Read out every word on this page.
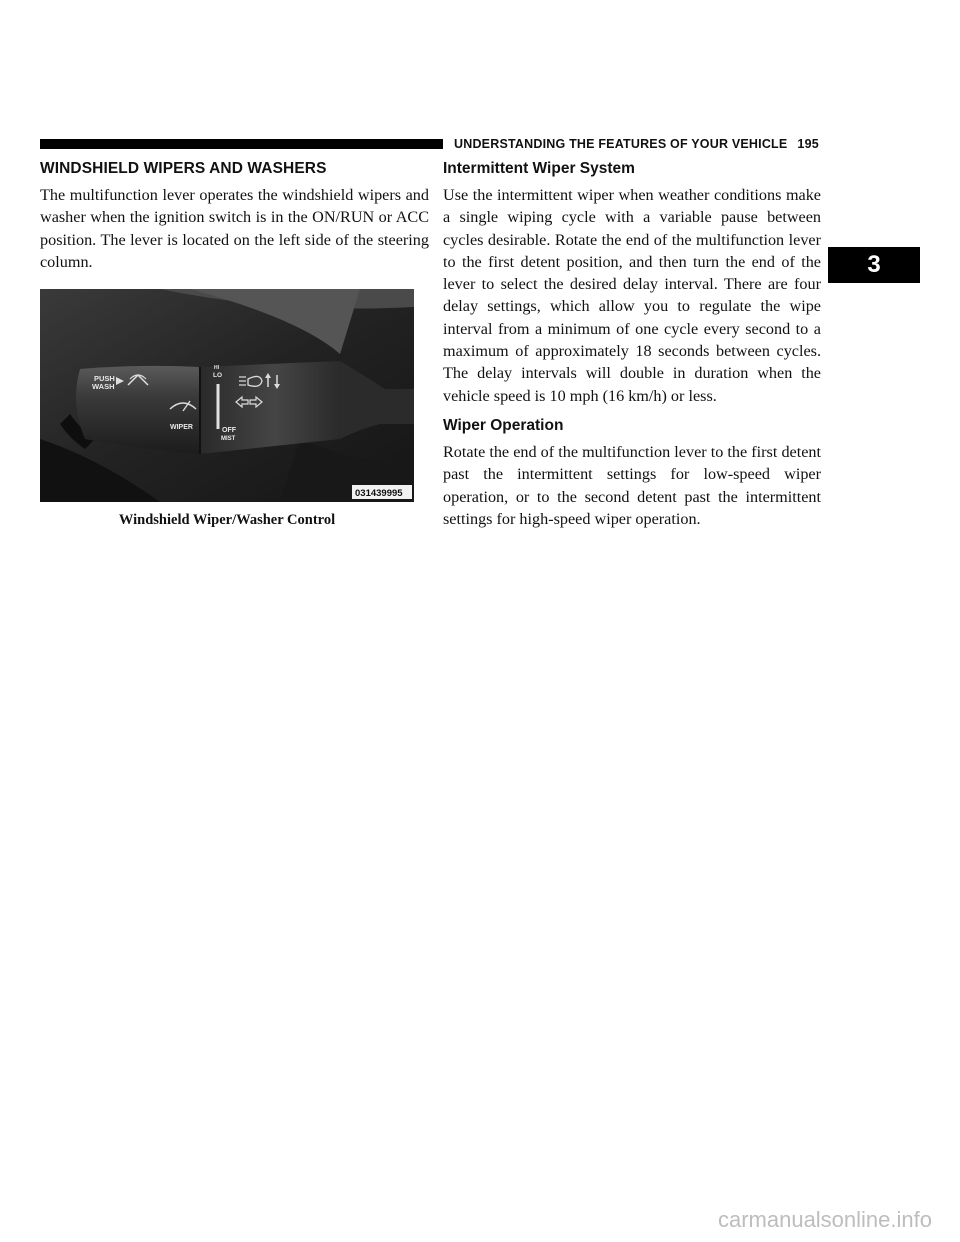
UNDERSTANDING THE FEATURES OF YOUR VEHICLE 195
WINDSHIELD WIPERS AND WASHERS

The multifunction lever operates the windshield wipers and washer when the ignition switch is in the ON/RUN or ACC position. The lever is located on the left side of the steering column.

PUSH
WASH
WIPER
HI
LO
OFF
MIST
031439995
Windshield Wiper/Washer Control
Intermittent Wiper System

Use the intermittent wiper when weather conditions make a single wiping cycle with a variable pause between cycles desirable. Rotate the end of the multifunction lever to the first detent position, and then turn the end of the lever to select the desired delay interval. There are four delay settings, which allow you to regulate the wipe interval from a minimum of one cycle every second to a maximum of approximately 18 seconds between cycles. The delay intervals will double in duration when the vehicle speed is 10 mph (16 km/h) or less.

Wiper Operation

Rotate the end of the multifunction lever to the first detent past the intermittent settings for low-speed wiper operation, or to the second detent past the intermittent settings for high-speed wiper operation.

3
carmanualsonline.info
